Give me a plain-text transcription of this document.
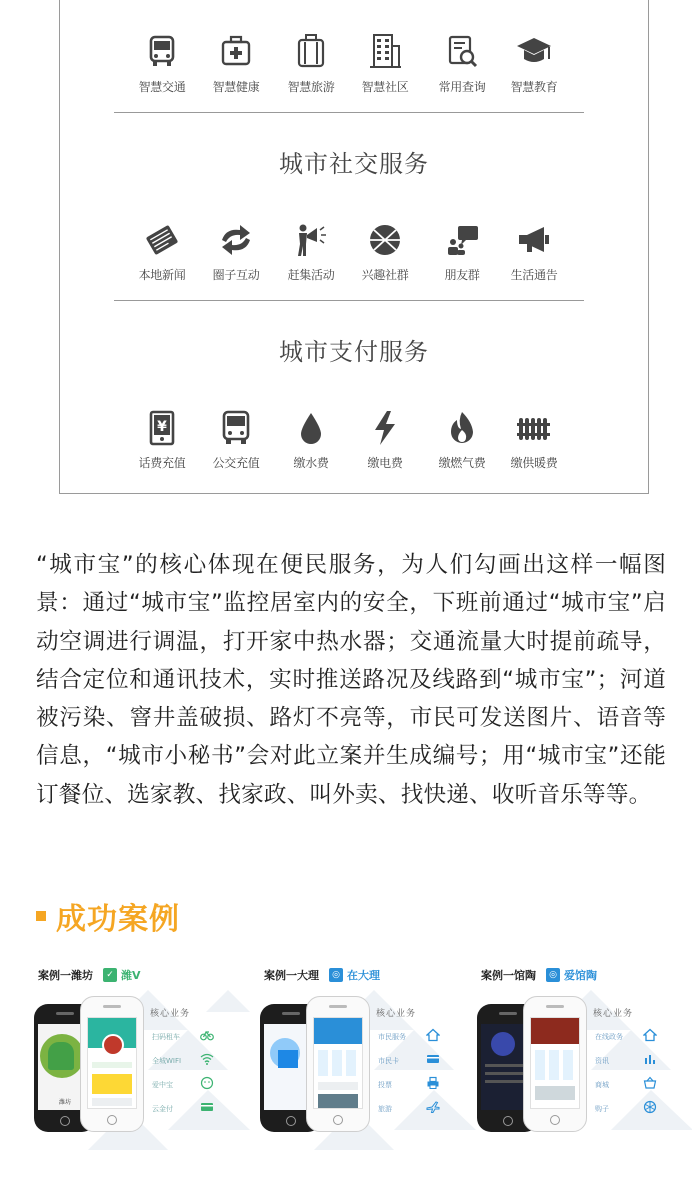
智慧交通	智慧健康	智慧旅游	智慧社区	常用查询	智慧教育
城市社交服务
本地新闻	圈子互动	赶集活动	兴趣社群	朋友群	生活通告
城市支付服务
¥
话费充值	公交充值	缴水费	缴电费	缴燃气费	缴供暖费

“城市宝”的核心体现在便民服务，为人们勾画出这样一幅图景：通过“城市宝”监控居室内的安全，下班前通过“城市宝”启动空调进行调温，打开家中热水器；交通流量大时提前疏导，结合定位和通讯技术，实时推送路况及线路到“城市宝”；河道被污染、窨井盖破损、路灯不亮等，市民可发送图片、语音等信息，“城市小秘书”会对此立案并生成编号；用“城市宝”还能订餐位、选家教、找家政、叫外卖、找快递、收听音乐等等。

成功案例
案例一潍坊	✓ 潍V
潍坊
核心业务
扫码租车
全城WIFI
爱中宝
云金付
案例一大理	◎ 在大理
核心业务
市民服务
市民卡
投票
旅游
案例一馆陶	◎ 爱馆陶
核心业务
在线政务
资讯
商城
购子
